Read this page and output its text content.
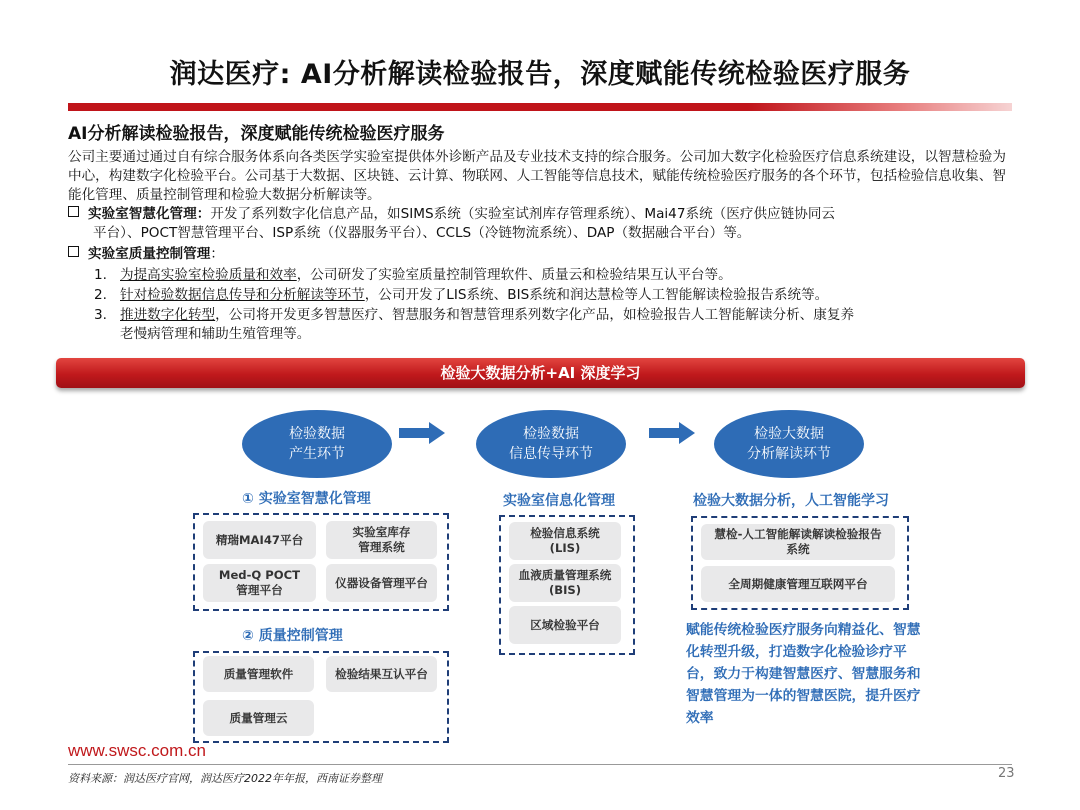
润达医疗: AI分析解读检验报告，深度赋能传统检验医疗服务
AI分析解读检验报告，深度赋能传统检验医疗服务
公司主要通过通过自有综合服务体系向各类医学实验室提供体外诊断产品及专业技术支持的综合服务。公司加大数字化检验医疗信息系统建设，以智慧检验为中心，构建数字化检验平台。公司基于大数据、区块链、云计算、物联网、人工智能等信息技术，赋能传统检验医疗服务的各个环节，包括检验信息收集、智能化管理、质量控制管理和检验大数据分析解读等。
实验室智慧化管理：开发了系列数字化信息产品，如SIMS系统（实验室试剂库存管理系统）、Mai47系统（医疗供应链协同云
平台）、POCT智慧管理平台、ISP系统（仪器服务平台）、CCLS（冷链物流系统）、DAP（数据融合平台）等。
实验室质量控制管理：
1. 为提高实验室检验质量和效率，公司研发了实验室质量控制管理软件、质量云和检验结果互认平台等。
2. 针对检验数据信息传导和分析解读等环节，公司开发了LIS系统、BIS系统和润达慧检等人工智能解读检验报告系统等。
3. 推进数字化转型，公司将开发更多智慧医疗、智慧服务和智慧管理系列数字化产品，如检验报告人工智能解读分析、康复养
老慢病管理和辅助生殖管理等。
检验大数据分析+AI 深度学习
检验数据
产生环节
检验数据
信息传导环节
检验大数据
分析解读环节
① 实验室智慧化管理
精瑞MAI47平台
实验室库存
管理系统
Med-Q POCT
管理平台
仪器设备管理平台
② 质量控制管理
质量管理软件	检验结果互认平台
质量管理云
实验室信息化管理
检验信息系统
(LIS)
血液质量管理系统
(BIS)
区域检验平台
检验大数据分析，人工智能学习
慧检-人工智能解读解读检验报告
系统
全周期健康管理互联网平台
赋能传统检验医疗服务向精益化、智慧化转型升级，打造数字化检验诊疗平台，致力于构建智慧医疗、智慧服务和智慧管理为一体的智慧医院，提升医疗效率
www.swsc.com.cn
资料来源：润达医疗官网，润达医疗2022年年报，西南证券整理	23
